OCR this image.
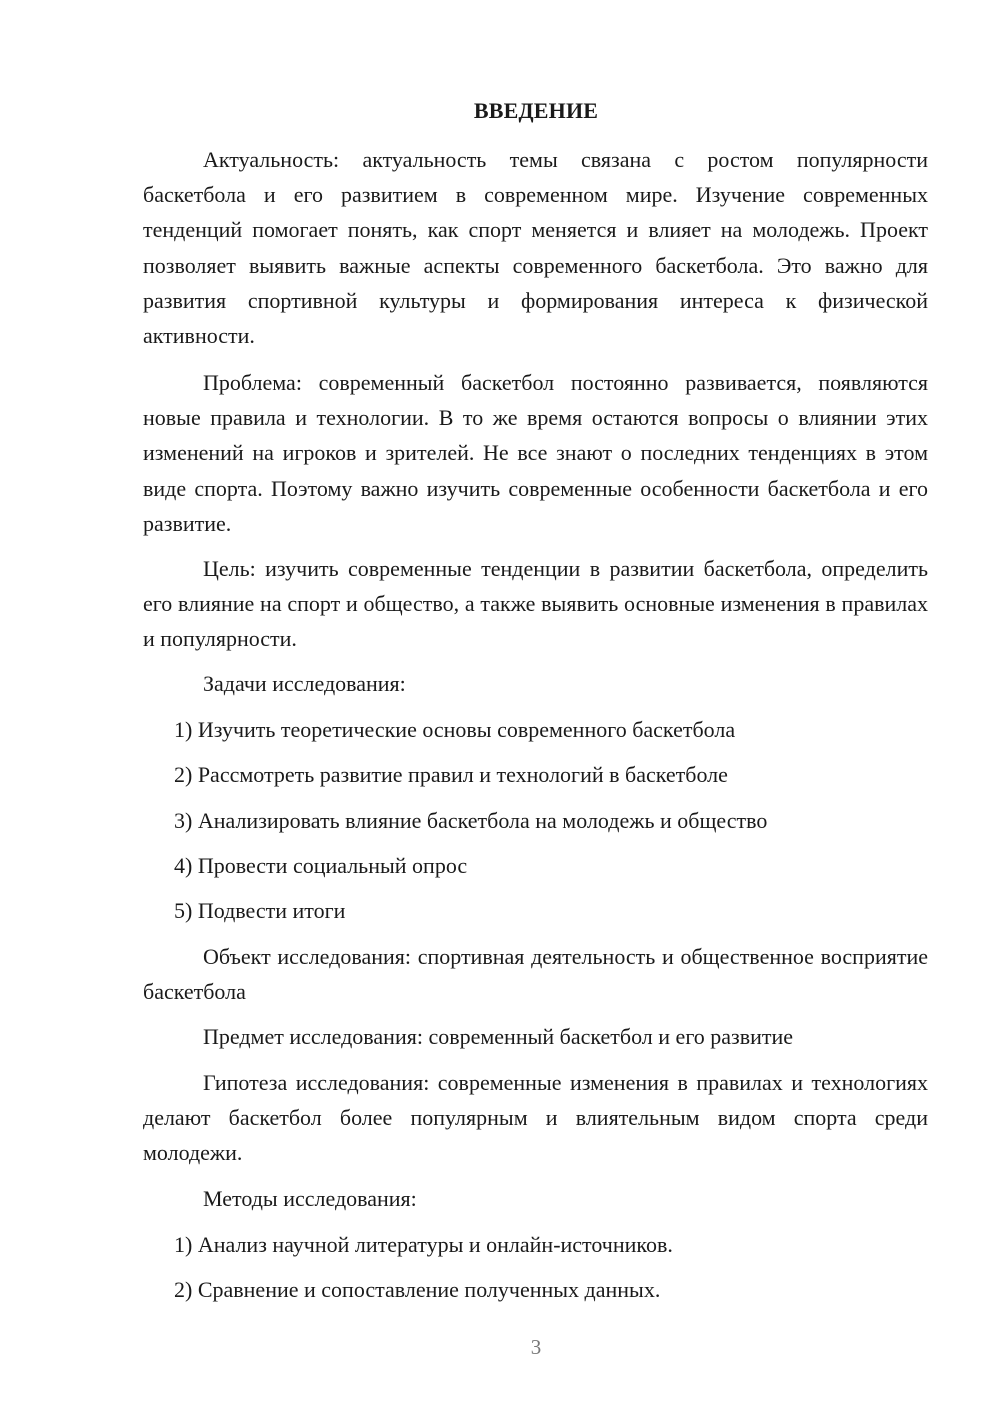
ВВЕДЕНИЕ

Актуальность: актуальность темы связана с ростом популярности баскетбола и его развитием в современном мире. Изучение современных тенденций помогает понять, как спорт меняется и влияет на молодежь. Проект позволяет выявить важные аспекты современного баскетбола. Это важно для развития спортивной культуры и формирования интереса к физической активности.

Проблема: современный баскетбол постоянно развивается, появляются новые правила и технологии. В то же время остаются вопросы о влиянии этих изменений на игроков и зрителей. Не все знают о последних тенденциях в этом виде спорта. Поэтому важно изучить современные особенности баскетбола и его развитие.

Цель: изучить современные тенденции в развитии баскетбола, определить его влияние на спорт и общество, а также выявить основные изменения в правилах и популярности.

Задачи исследования:

1) Изучить теоретические основы современного баскетбола

2) Рассмотреть развитие правил и технологий в баскетболе

3) Анализировать влияние баскетбола на молодежь и общество

4) Провести социальный опрос

5) Подвести итоги

Объект исследования: спортивная деятельность и общественное восприятие баскетбола

Предмет исследования: современный баскетбол и его развитие

Гипотеза исследования: современные изменения в правилах и технологиях делают баскетбол более популярным и влиятельным видом спорта среди молодежи.

Методы исследования:

1) Анализ научной литературы и онлайн-источников.

2) Сравнение и сопоставление полученных данных.

3
